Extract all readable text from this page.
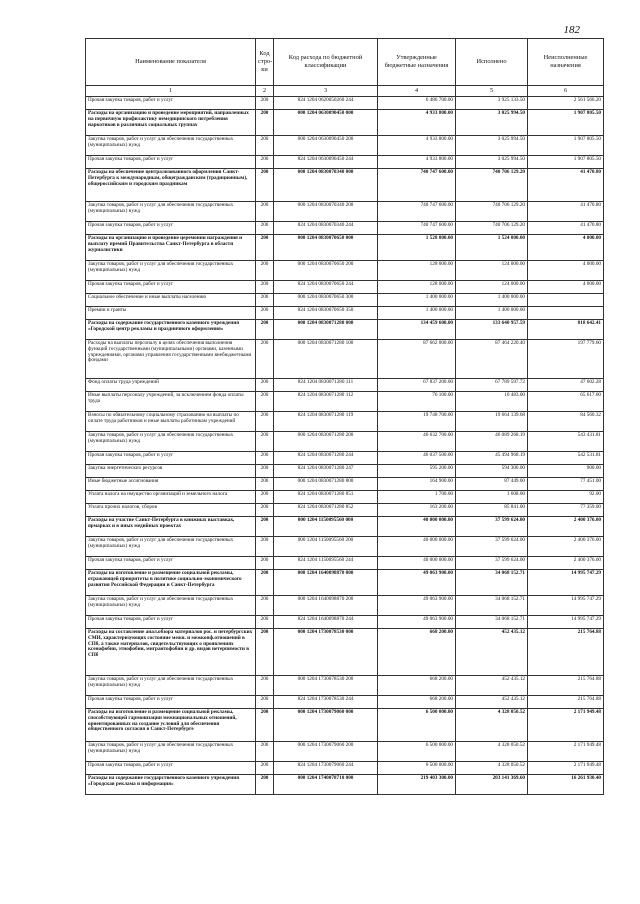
182
Наименование показателя	Код стро-ки	Код расхода по бюджетной классификации	Утвержденные бюджетные назначения	Исполнено	Неисполненные назначения
1	2	3	4	5	6
Прочая закупка товаров, работ и услуг	200	824 1204 0620050260 244	6 486 700.00	3 925 133.50	2 561 566.20
Расходы на организацию и проведение мероприятий, направленных на первичную профилактику немедицинского потребления наркотиков в различных социальных группах	200	000 1204 0630090450 000	4 933 800.00	3 025 994.50	1 907 805.50
Закупка товаров, работ и услуг для обеспечения государственных (муниципальных) нужд	200	000 1204 0630090450 200	4 933 800.00	3 025 994.50	1 907 805.50
Прочая закупка товаров, работ и услуг	200	824 1204 0630090450 244	4 933 800.00	3 025 994.50	1 907 805.50
Расходы на обеспечение централизованного оформления Санкт-Петербурга к международным, общегражданским (традиционным), общероссийским и городским праздникам	200	000 1204 0830070340 000	740 747 600.00	740 706 129.20	41 470.80
Закупка товаров, работ и услуг для обеспечения государственных (муниципальных) нужд	200	000 1204 0830070340 200	740 747 600.00	740 706 129.20	41 470.80
Прочая закупка товаров, работ и услуг	200	824 1204 0830070340 244	740 747 600.00	740 706 129.20	41 470.80
Расходы на организацию и проведение церемонии награждения и выплату премий Правительства Санкт-Петербурга в области журналистики	200	000 1204 0830070650 000	1 528 000.00	1 524 000.00	4 000.00
Закупка товаров, работ и услуг для обеспечения государственных (муниципальных) нужд	200	000 1204 0830070650 200	128 000.00	124 000.00	4 000.00
Прочая закупка товаров, работ и услуг	200	824 1204 0830070650 244	128 000.00	124 000.00	4 000.00
Социальное обеспечение и иные выплаты населению	200	000 1204 0830070650 300	1 400 000.00	1 400 000.00	
Премии и гранты	200	824 1204 0830070650 350	1 400 000.00	1 400 000.00	
Расходы на содержание государственного казенного учреждения «Городской центр рекламы и праздничного оформления»	200	000 1204 0830071280 000	134 459 600.00	133 640 957.59	818 642.41
Расходы на выплаты персоналу в целях обеспечения выполнения функций государственными (муниципальными) органами, казенными учреждениями, органами управления государственными внебюджетными фондами	200	000 1204 0830071280 100	87 662 000.00	87 464 220.40	197 779.60
Фонд оплаты труда учреждений	200	824 1204 0830071280 111	67 837 200.00	67 789 597.72	47 602.28
Иные выплаты персоналу учреждений, за исключением фонда оплаты труда	200	824 1204 0830071280 112	76 100.00	10 483.00	65 617.00
Взносы по обязательному социальному страхованию на выплаты по оплате труда работников и иные выплаты работникам учреждений	200	824 1204 0830071280 119	19 748 700.00	19 664 139.68	84 560.32
Закупка товаров, работ и услуг для обеспечения государственных (муниципальных) нужд	200	000 1204 0830071280 200	46 632 700.00	46 089 268.19	543 431.81
Прочая закупка товаров, работ и услуг	200	824 1204 0830071280 244	46 037 500.00	45 494 968.19	542 531.81
Закупка энергетических ресурсов	200	824 1204 0830071280 247	595 200.00	594 300.00	900.00
Иные бюджетные ассигнования	200	000 1204 0830071280 800	164 900.00	87 449.00	77 451.00
Уплата налога на имущество организаций и земельного налога	200	824 1204 0830071280 851	1 700.00	1 608.00	92.00
Уплата прочих налогов, сборов	200	824 1204 0830071280 852	163 200.00	85 841.00	77 359.00
Расходы на участие Санкт-Петербурга в книжных выставках, ярмарках и в иных медийных проектах	200	000 1204 1150095560 000	40 000 000.00	37 599 624.00	2 400 376.00
Закупка товаров, работ и услуг для обеспечения государственных (муниципальных) нужд	200	000 1204 1150095560 200	40 000 000.00	37 599 624.00	2 400 376.00
Прочая закупка товаров, работ и услуг	200	824 1204 1150095560 244	40 000 000.00	37 599 624.00	2 400 376.00
Расходы на изготовление и размещение социальной рекламы, отражающей приоритеты в политике социально-экономического развития Российской Федерации и Санкт-Петербурга	200	000 1204 1640098870 000	49 063 900.00	34 068 152.71	14 995 747.29
Закупка товаров, работ и услуг для обеспечения государственных (муниципальных) нужд	200	000 1204 1640098870 200	49 063 900.00	34 068 152.71	14 995 747.29
Прочая закупка товаров, работ и услуг	200	824 1204 1640098870 244	49 063 900.00	34 068 152.71	14 995 747.29
Расходы на составление анал.обзора материалов рос. и петербургских СМИ, характеризующих состояние межн. и межконф.отношений в СПб, а также материалов, свидетельствующих о проявлениях ксенофобии, этнофобии, мигрантофобии и др. видов нетерпимости в СПб	200	000 1204 1730078530 000	668 200.00	452 435.12	215 764.88
Закупка товаров, работ и услуг для обеспечения государственных (муниципальных) нужд	200	000 1204 1730078530 200	668 200.00	452 435.12	215 764.88
Прочая закупка товаров, работ и услуг	200	824 1204 1730078530 244	668 200.00	452 435.12	215 764.88
Расходы на изготовление и размещение социальной рекламы, способствующей гармонизации межнациональных отношений, ориентированных на создание условий для обеспечения общественного согласия в Санкт-Петербурге	200	000 1204 1730079060 000	6 500 000.00	4 328 050.52	2 171 949.48
Закупка товаров, работ и услуг для обеспечения государственных (муниципальных) нужд	200	000 1204 1730079060 200	6 500 000.00	4 328 050.52	2 171 949.48
Прочая закупка товаров, работ и услуг	200	824 1204 1730079060 244	6 500 000.00	4 328 050.52	2 171 949.48
Расходы на содержание государственного казенного учреждения «Городская реклама и информация»	200	000 1204 1740078710 000	219 403 300.00	203 141 369.60	16 261 930.40
